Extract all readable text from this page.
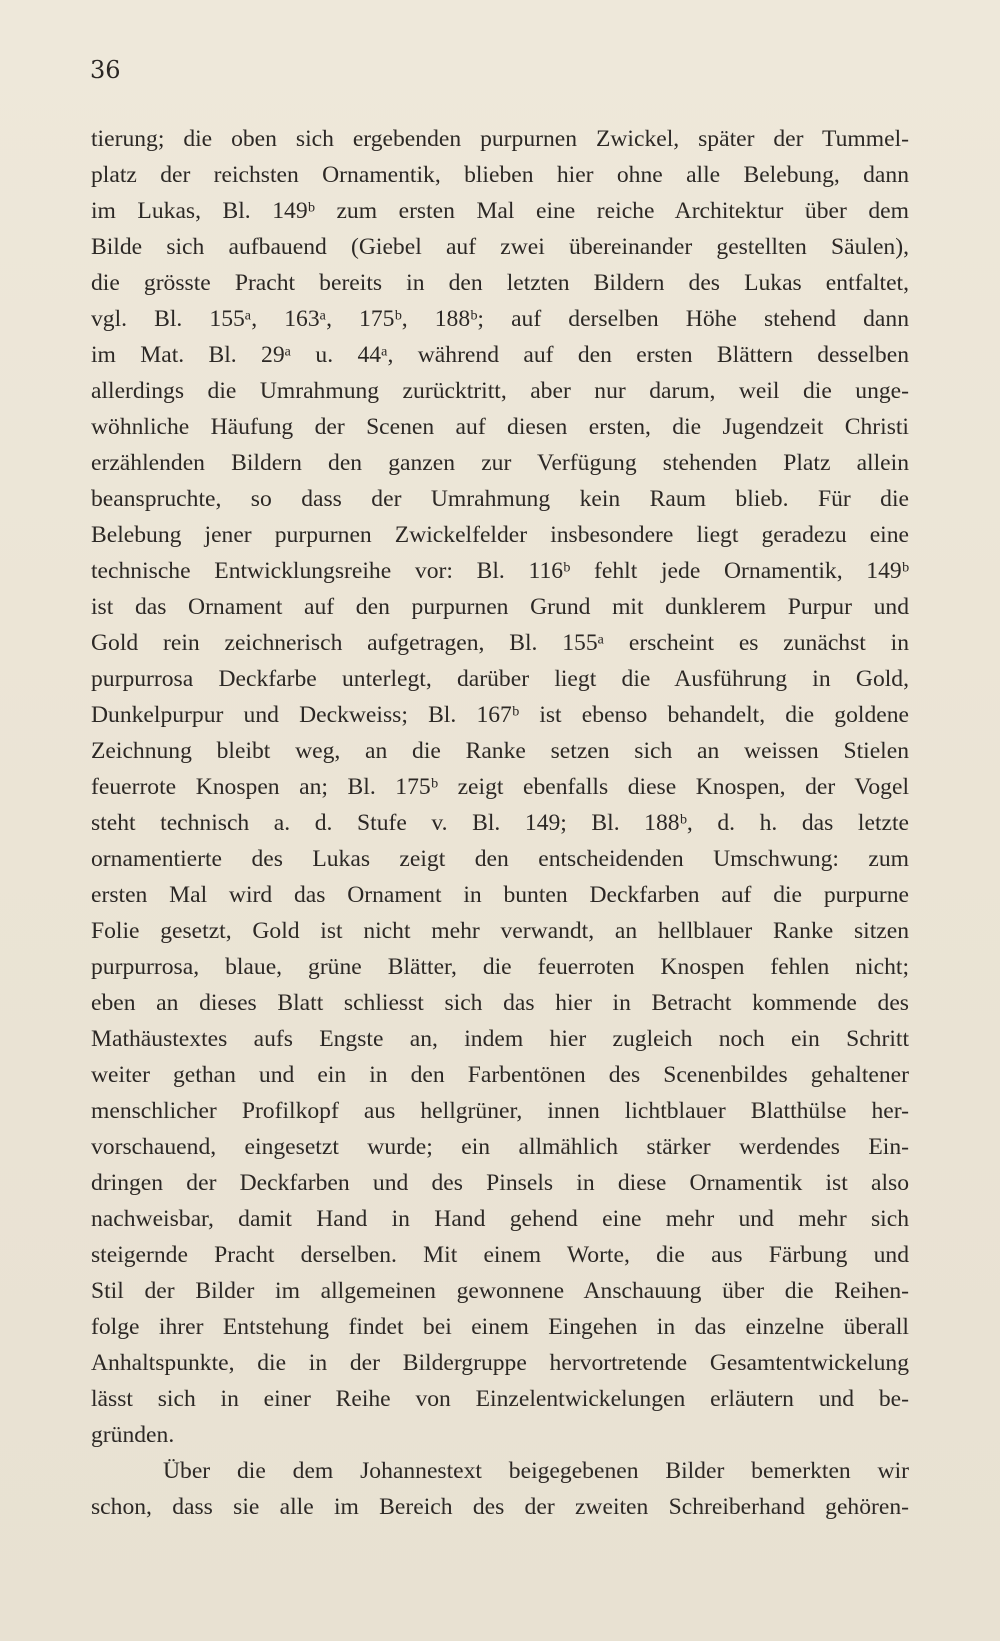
36
tierung; die oben sich ergebenden purpurnen Zwickel, später der Tummel-
platz der reichsten Ornamentik, blieben hier ohne alle Belebung, dann
im Lukas, Bl. 149ᵇ zum ersten Mal eine reiche Architektur über dem
Bilde sich aufbauend (Giebel auf zwei übereinander gestellten Säulen),
die grösste Pracht bereits in den letzten Bildern des Lukas entfaltet,
vgl. Bl. 155ᵃ, 163ᵃ, 175ᵇ, 188ᵇ; auf derselben Höhe stehend dann
im Mat. Bl. 29ᵃ u. 44ᵃ, während auf den ersten Blättern desselben
allerdings die Umrahmung zurücktritt, aber nur darum, weil die unge-
wöhnliche Häufung der Scenen auf diesen ersten, die Jugendzeit Christi
erzählenden Bildern den ganzen zur Verfügung stehenden Platz allein
beanspruchte, so dass der Umrahmung kein Raum blieb. Für die
Belebung jener purpurnen Zwickelfelder insbesondere liegt geradezu eine
technische Entwicklungsreihe vor: Bl. 116ᵇ fehlt jede Ornamentik, 149ᵇ
ist das Ornament auf den purpurnen Grund mit dunklerem Purpur und
Gold rein zeichnerisch aufgetragen, Bl. 155ᵃ erscheint es zunächst in
purpurrosa Deckfarbe unterlegt, darüber liegt die Ausführung in Gold,
Dunkelpurpur und Deckweiss; Bl. 167ᵇ ist ebenso behandelt, die goldene
Zeichnung bleibt weg, an die Ranke setzen sich an weissen Stielen
feuerrote Knospen an; Bl. 175ᵇ zeigt ebenfalls diese Knospen, der Vogel
steht technisch a. d. Stufe v. Bl. 149; Bl. 188ᵇ, d. h. das letzte
ornamentierte des Lukas zeigt den entscheidenden Umschwung: zum
ersten Mal wird das Ornament in bunten Deckfarben auf die purpurne
Folie gesetzt, Gold ist nicht mehr verwandt, an hellblauer Ranke sitzen
purpurrosa, blaue, grüne Blätter, die feuerroten Knospen fehlen nicht;
eben an dieses Blatt schliesst sich das hier in Betracht kommende des
Mathäustextes aufs Engste an, indem hier zugleich noch ein Schritt
weiter gethan und ein in den Farbentönen des Scenenbildes gehaltener
menschlicher Profilkopf aus hellgrüner, innen lichtblauer Blatthülse her-
vorschauend, eingesetzt wurde; ein allmählich stärker werdendes Ein-
dringen der Deckfarben und des Pinsels in diese Ornamentik ist also
nachweisbar, damit Hand in Hand gehend eine mehr und mehr sich
steigernde Pracht derselben. Mit einem Worte, die aus Färbung und
Stil der Bilder im allgemeinen gewonnene Anschauung über die Reihen-
folge ihrer Entstehung findet bei einem Eingehen in das einzelne überall
Anhaltspunkte, die in der Bildergruppe hervortretende Gesamtentwickelung
lässt sich in einer Reihe von Einzelentwickelungen erläutern und be-
gründen.
Über die dem Johannestext beigegebenen Bilder bemerkten wir
schon, dass sie alle im Bereich des der zweiten Schreiberhand gehören-
